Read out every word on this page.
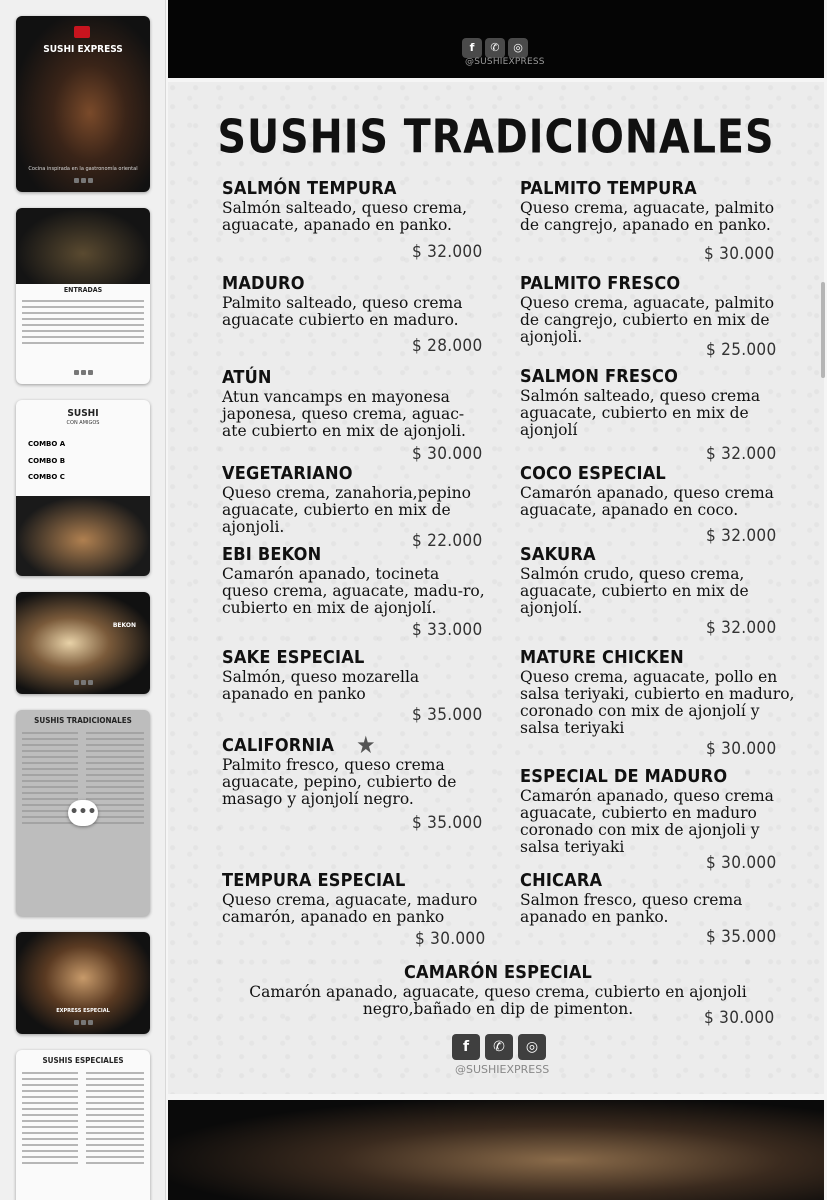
SUSHI EXPRESS
Cocina inspirada en la gastronomía oriental
ENTRADAS
SUSHI
CON AMIGOS
COMBO A
COMBO B
COMBO C
BEKON
SUSHIS TRADICIONALES
•••
EXPRESS ESPECIAL
SUSHIS ESPECIALES
f ✆ ◎
@SUSHIEXPRESS
SUSHIS TRADICIONALES
SALMÓN TEMPURA

Salmón salteado, queso crema, aguacate, apanado en panko.

$ 32.000
MADURO

Palmito salteado, queso crema aguacate cubierto en maduro.

$ 28.000
ATÚN

Atun vancamps en mayonesa japonesa, queso crema, aguac-ate cubierto en mix de ajonjoli.

$ 30.000
VEGETARIANO

Queso crema, zanahoria,pepino aguacate, cubierto en mix de ajonjoli.

$ 22.000
EBI BEKON

Camarón apanado, tocineta queso crema, aguacate, madu-ro, cubierto en mix de ajonjolí.

$ 33.000
SAKE ESPECIAL

Salmón, queso mozarella apanado en panko

$ 35.000
CALIFORNIA ★

Palmito fresco, queso crema aguacate, pepino, cubierto de masago y ajonjolí negro.

$ 35.000
TEMPURA ESPECIAL

Queso crema, aguacate, maduro camarón, apanado en panko

$ 30.000
PALMITO TEMPURA

Queso crema, aguacate, palmito de cangrejo, apanado en panko.

$ 30.000
PALMITO FRESCO

Queso crema, aguacate, palmito de cangrejo, cubierto en mix de ajonjoli.

$ 25.000
SALMON FRESCO

Salmón salteado, queso crema aguacate, cubierto en mix de ajonjolí

$ 32.000
COCO ESPECIAL

Camarón apanado, queso crema aguacate, apanado en coco.

$ 32.000
SAKURA

Salmón crudo, queso crema, aguacate, cubierto en mix de ajonjolí.

$ 32.000
MATURE CHICKEN

Queso crema, aguacate, pollo en salsa teriyaki, cubierto en maduro, coronado con mix de ajonjolí y salsa teriyaki

$ 30.000
ESPECIAL DE MADURO

Camarón apanado, queso crema aguacate, cubierto en maduro coronado con mix de ajonjoli y salsa teriyaki

$ 30.000
CHICARA

Salmon fresco, queso crema apanado en panko.

$ 35.000
CAMARÓN ESPECIAL

Camarón apanado, aguacate, queso crema, cubierto en ajonjoli negro,bañado en dip de pimenton.	$ 30.000
f ✆ ◎
@SUSHIEXPRESS
